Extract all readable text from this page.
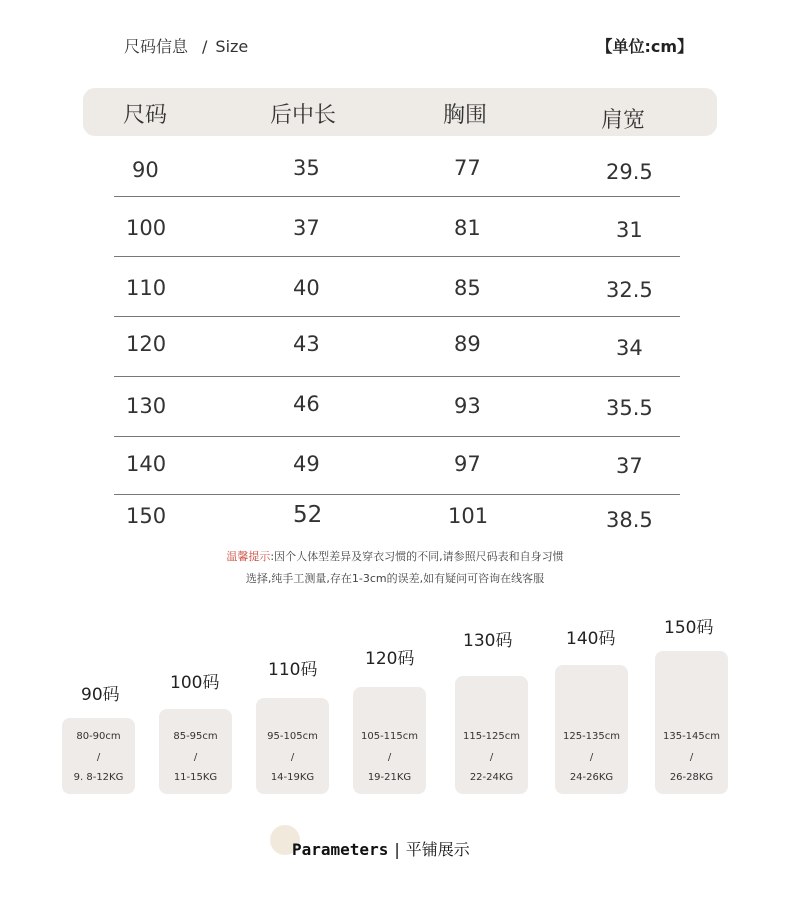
尺码信息 / Size	【单位:cm】
尺码	后中长	胸围	肩宽
90	35	77	29.5
100	37	81	31
110	40	85	32.5
120	43	89	34
130	46	93	35.5
140	49	97	37
150	52	101	38.5
温馨提示:因个人体型差异及穿衣习惯的不同,请参照尺码表和自身习惯
选择,纯手工测量,存在1-3cm的误差,如有疑问可咨询在线客服
90码
80-90cm
/
9. 8-12KG
100码
85-95cm
/
11-15KG
110码
95-105cm
/
14-19KG
120码
105-115cm
/
19-21KG
130码
115-125cm
/
22-24KG
140码
125-135cm
/
24-26KG
150码
135-145cm
/
26-28KG
Parameters | 平铺展示
